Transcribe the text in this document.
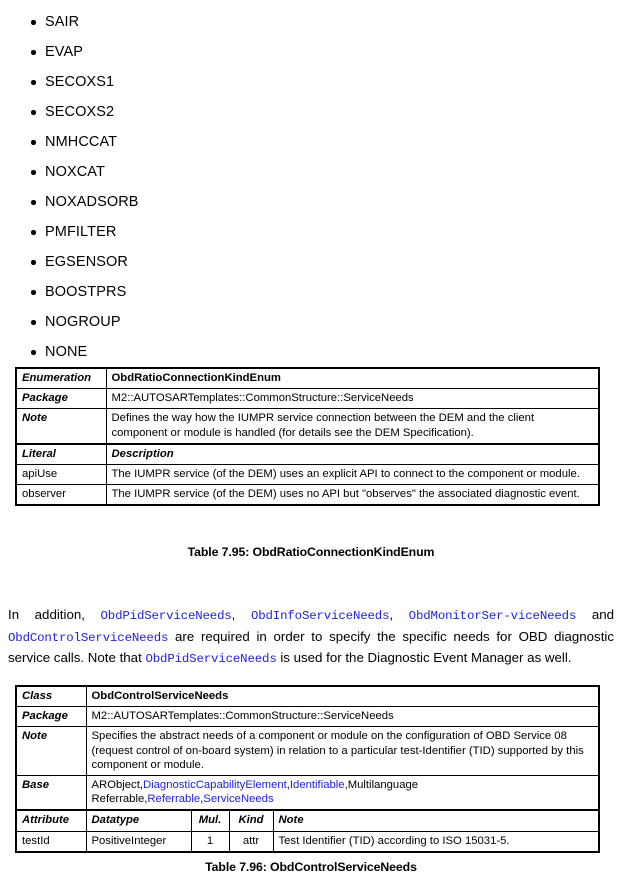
SAIR
EVAP
SECOXS1
SECOXS2
NMHCCAT
NOXCAT
NOXADSORB
PMFILTER
EGSENSOR
BOOSTPRS
NOGROUP
NONE
Enumeration	ObdRatioConnectionKindEnum
Package	M2::AUTOSARTemplates::CommonStructure::ServiceNeeds
Note	Defines the way how the IUMPR service connection between the DEM and the client component or module is handled (for details see the DEM Specification).
Literal	Description
apiUse	The IUMPR service (of the DEM) uses an explicit API to connect to the component or module.
observer	The IUMPR service (of the DEM) uses no API but "observes" the associated diagnostic event.
Table 7.95: ObdRatioConnectionKindEnum

In addition, ObdPidServiceNeeds, ObdInfoServiceNeeds, ObdMonitorSer-viceNeeds and ObdControlServiceNeeds are required in order to specify the specific needs for OBD diagnostic service calls. Note that ObdPidServiceNeeds is used for the Diagnostic Event Manager as well.

Class	ObdControlServiceNeeds			
Package	M2::AUTOSARTemplates::CommonStructure::ServiceNeeds			
Note	Specifies the abstract needs of a component or module on the configuration of OBD Service 08 (request control of on-board system) in relation to a particular test-Identifier (TID) supported by this component or module.			
Base	ARObject,DiagnosticCapabilityElement,Identifiable,Multilanguage Referrable,Referrable,ServiceNeeds			
Attribute	Datatype	Mul.	Kind	Note
testId	PositiveInteger	1	attr	Test Identifier (TID) according to ISO 15031-5.
Table 7.96: ObdControlServiceNeeds
